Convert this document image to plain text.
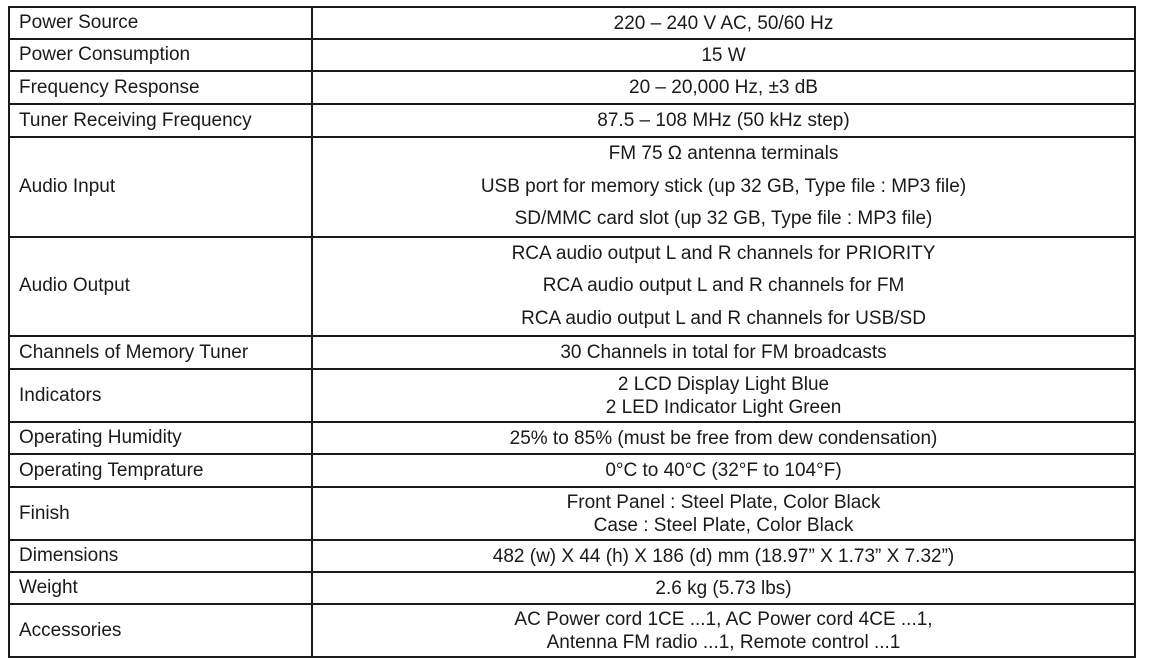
Power Source	220 – 240 V AC, 50/60 Hz

Power Consumption	15 W

Frequency Response	20 – 20,000 Hz, ±3 dB

Tuner Receiving Frequency	87.5 – 108 MHz (50 kHz step)

Audio Input	FM 75 Ω antenna terminals
USB port for memory stick (up 32 GB, Type file : MP3 file)
SD/MMC card slot (up 32 GB, Type file : MP3 file)

Audio Output	RCA audio output L and R channels for PRIORITY
RCA audio output L and R channels for FM
RCA audio output L and R channels for USB/SD

Channels of Memory Tuner	30 Channels in total for FM broadcasts

Indicators	2 LCD Display Light Blue
2 LED Indicator Light Green

Operating Humidity	25% to 85% (must be free from dew condensation)

Operating Temprature	0°C to 40°C (32°F to 104°F)

Finish	Front Panel : Steel Plate, Color Black
Case : Steel Plate, Color Black

Dimensions	482 (w) X 44 (h) X 186 (d) mm (18.97” X 1.73” X 7.32”)

Weight	2.6 kg (5.73 lbs)

Accessories	AC Power cord 1CE ...1, AC Power cord 4CE ...1,
Antenna FM radio ...1, Remote control ...1
